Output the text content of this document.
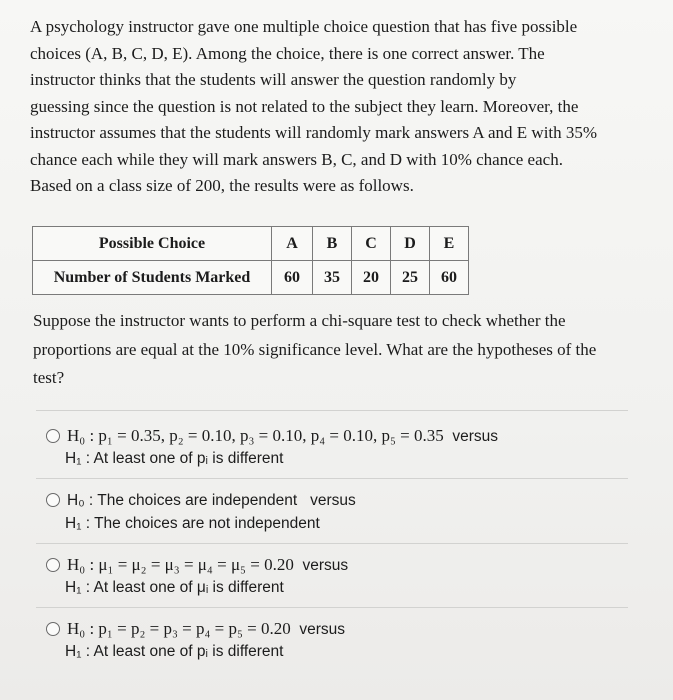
A psychology instructor gave one multiple choice question that has five possible

choices (A, B, C, D, E). Among the choice, there is one correct answer. The

instructor thinks that the students will answer the question randomly by

guessing since the question is not related to the subject they learn. Moreover, the

instructor assumes that the students will randomly mark answers A and E with 35%

chance each while they will mark answers B, C, and D with 10% chance each.

Based on a class size of 200, the results were as follows.

Possible Choice	A	B	C	D	E
Number of Students Marked	60	35	20	25	60

Suppose the instructor wants to perform a chi-square test to check whether the

proportions are equal at the 10% significance level. What are the hypotheses of the

test?

H₀ : p₁ = 0.35, p₂ = 0.10, p₃ = 0.10, p₄ = 0.10, p₅ = 0.35 versus
H₁ : At least one of pᵢ is different
H₀ : The choices are independent versus
H₁ : The choices are not independent
H₀ : μ₁ = μ₂ = μ₃ = μ₄ = μ₅ = 0.20 versus
H₁ : At least one of μᵢ is different
H₀ : p₁ = p₂ = p₃ = p₄ = p₅ = 0.20 versus
H₁ : At least one of pᵢ is different
